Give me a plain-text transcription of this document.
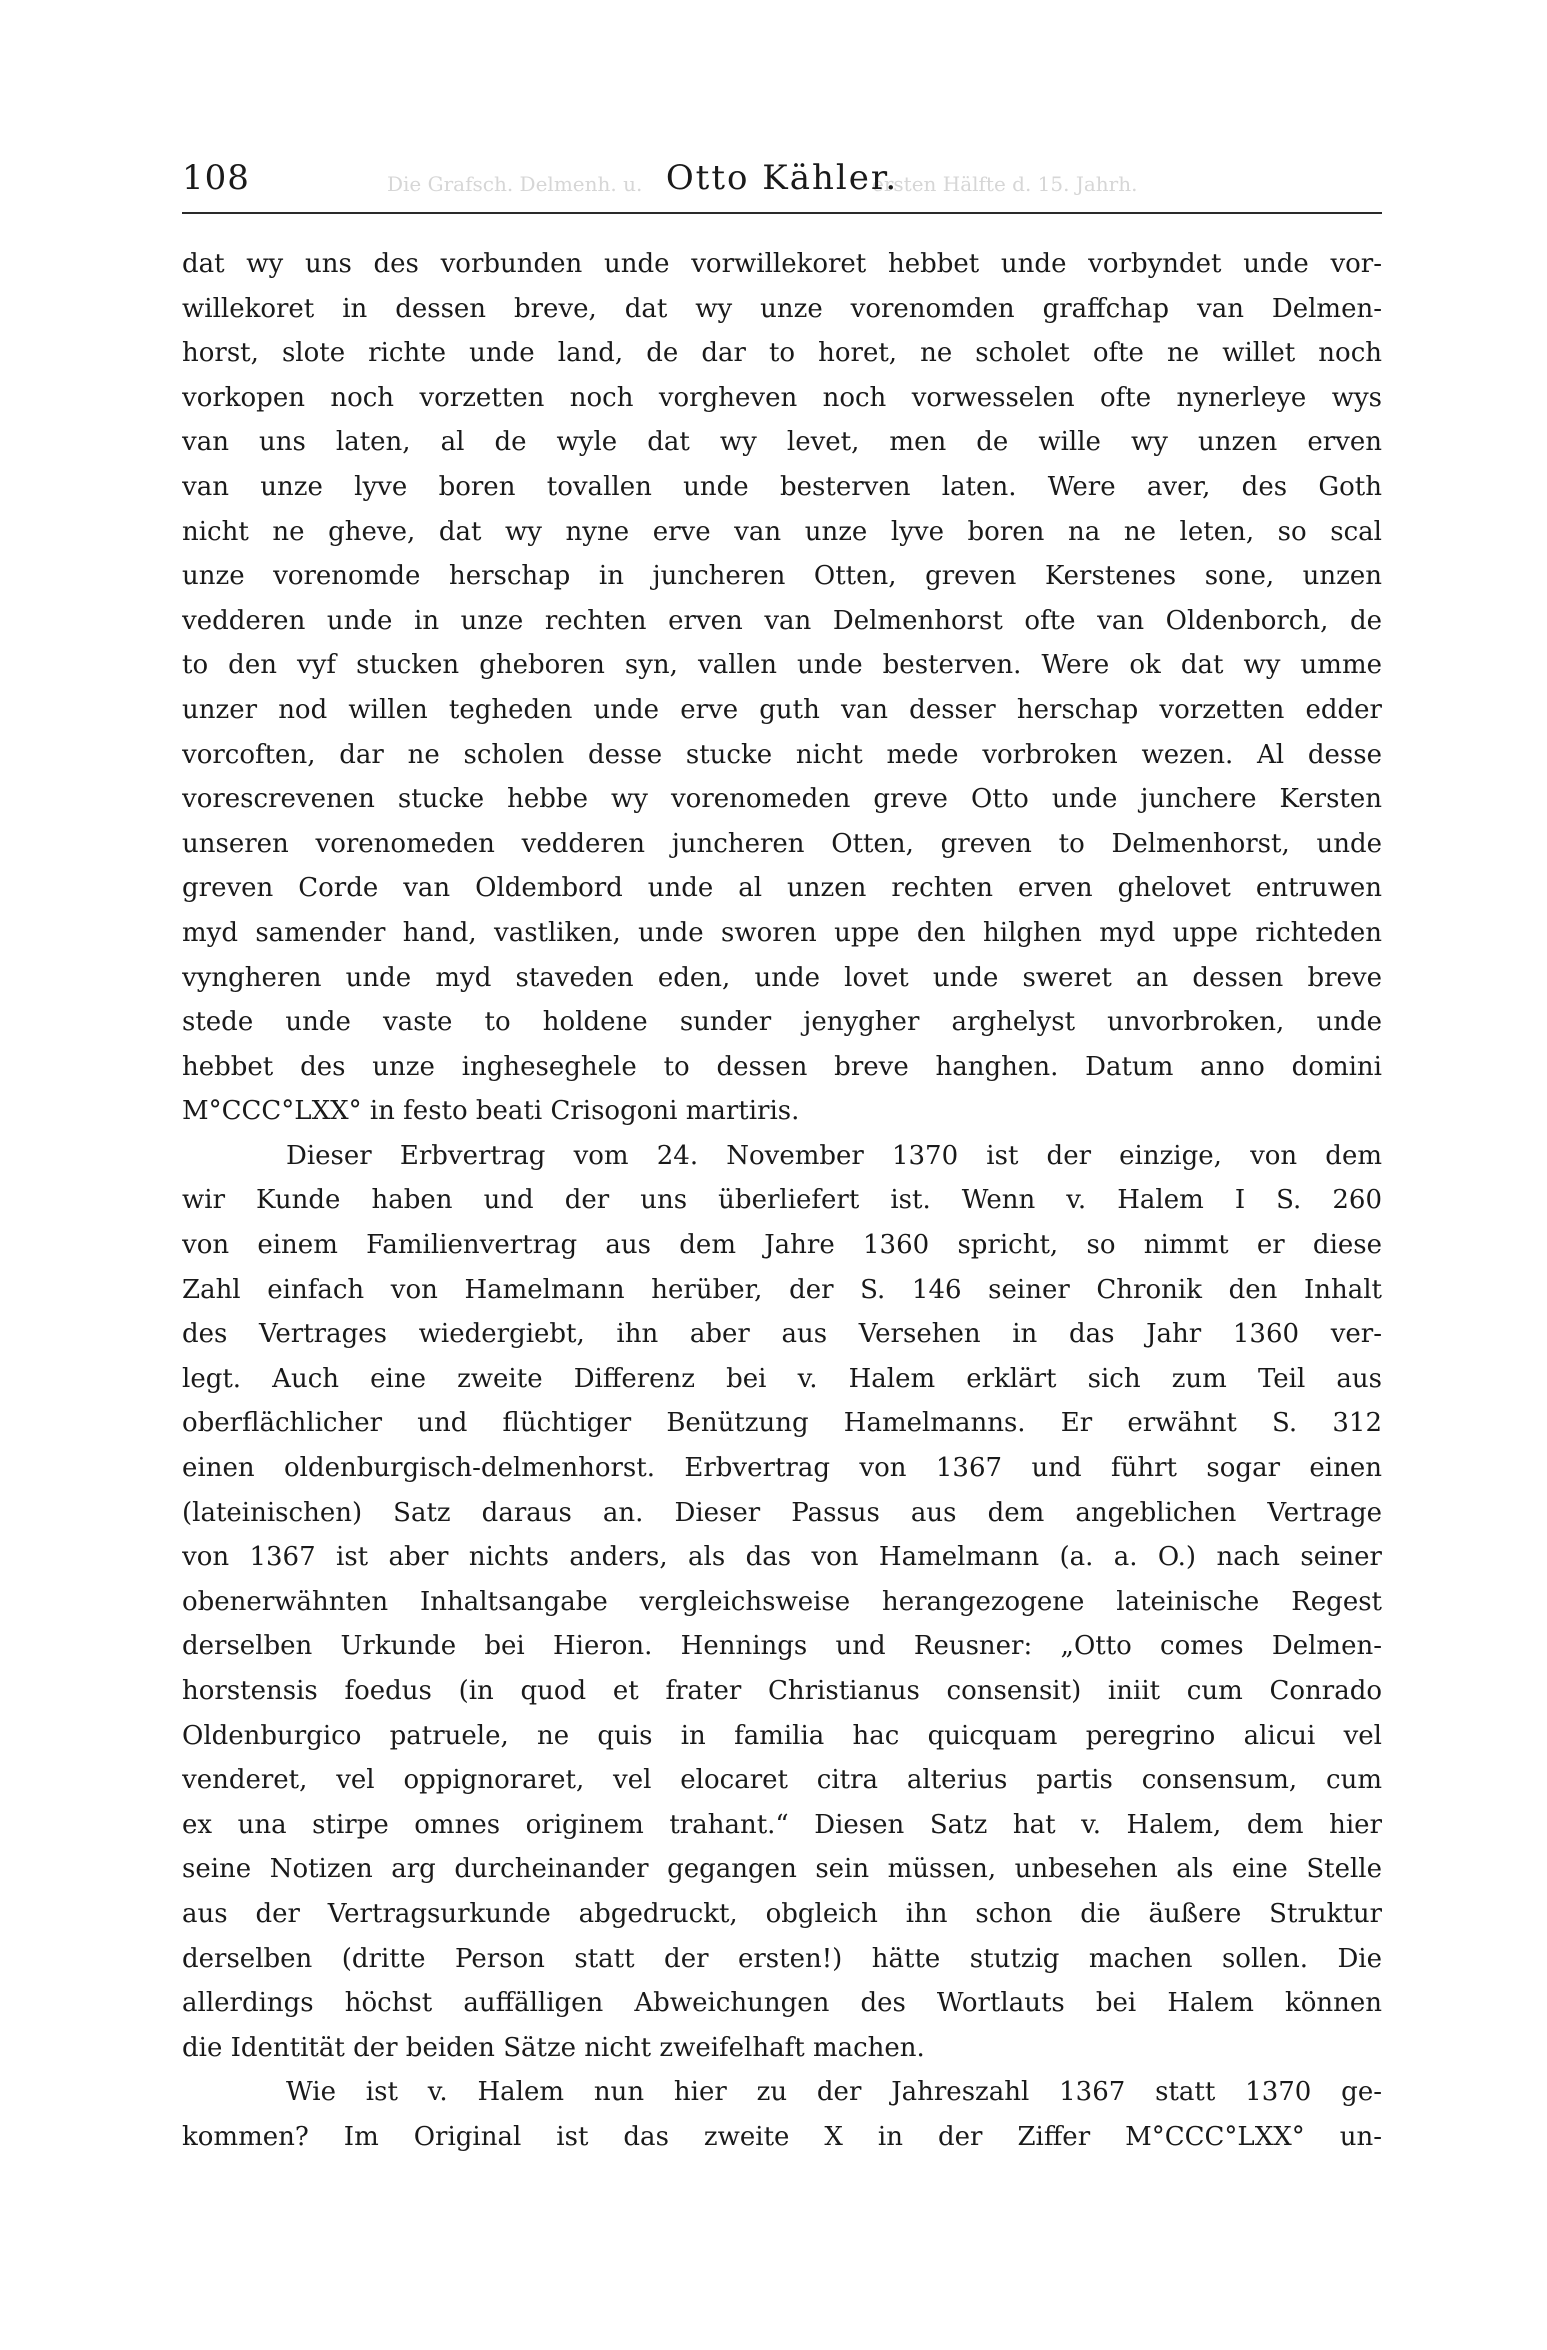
Die Grafsch. Delmenh. u.	ersten Hälfte d. 15. Jahrh.
108	Otto Kähler.
dat wy uns des vorbunden unde vorwillekoret hebbet unde vorbyndet unde vor-
willekoret in dessen breve, dat wy unze vorenomden graffchap van Delmen-
horst, slote richte unde land, de dar to horet, ne scholet ofte ne willet noch
vorkopen noch vorzetten noch vorgheven noch vorwesselen ofte nynerleye wys
van uns laten, al de wyle dat wy levet, men de wille wy unzen erven
van unze lyve boren tovallen unde besterven laten. Were aver, des Goth
nicht ne gheve, dat wy nyne erve van unze lyve boren na ne leten, so scal
unze vorenomde herschap in juncheren Otten, greven Kerstenes sone, unzen
vedderen unde in unze rechten erven van Delmenhorst ofte van Oldenborch, de
to den vyf stucken gheboren syn, vallen unde besterven. Were ok dat wy umme
unzer nod willen tegheden unde erve guth van desser herschap vorzetten edder
vorcoften, dar ne scholen desse stucke nicht mede vorbroken wezen. Al desse
vorescrevenen stucke hebbe wy vorenomeden greve Otto unde junchere Kersten
unseren vorenomeden vedderen juncheren Otten, greven to Delmenhorst, unde
greven Corde van Oldembord unde al unzen rechten erven ghelovet entruwen
myd samender hand, vastliken, unde sworen uppe den hilghen myd uppe richteden
vyngheren unde myd staveden eden, unde lovet unde sweret an dessen breve
stede unde vaste to holdene sunder jenygher arghelyst unvorbroken, unde
hebbet des unze ingheseghele to dessen breve hanghen. Datum anno domini
M°CCC°LXX° in festo beati Crisogoni martiris.
Dieser Erbvertrag vom 24. November 1370 ist der einzige, von dem
wir Kunde haben und der uns überliefert ist. Wenn v. Halem I S. 260
von einem Familienvertrag aus dem Jahre 1360 spricht, so nimmt er diese
Zahl einfach von Hamelmann herüber, der S. 146 seiner Chronik den Inhalt
des Vertrages wiedergiebt, ihn aber aus Versehen in das Jahr 1360 ver-
legt. Auch eine zweite Differenz bei v. Halem erklärt sich zum Teil aus
oberflächlicher und flüchtiger Benützung Hamelmanns. Er erwähnt S. 312
einen oldenburgisch-delmenhorst. Erbvertrag von 1367 und führt sogar einen
(lateinischen) Satz daraus an. Dieser Passus aus dem angeblichen Vertrage
von 1367 ist aber nichts anders, als das von Hamelmann (a. a. O.) nach seiner
obenerwähnten Inhaltsangabe vergleichsweise herangezogene lateinische Regest
derselben Urkunde bei Hieron. Hennings und Reusner: „Otto comes Delmen-
horstensis foedus (in quod et frater Christianus consensit) iniit cum Conrado
Oldenburgico patruele, ne quis in familia hac quicquam peregrino alicui vel
venderet, vel oppignoraret, vel elocaret citra alterius partis consensum, cum
ex una stirpe omnes originem trahant.“ Diesen Satz hat v. Halem, dem hier
seine Notizen arg durcheinander gegangen sein müssen, unbesehen als eine Stelle
aus der Vertragsurkunde abgedruckt, obgleich ihn schon die äußere Struktur
derselben (dritte Person statt der ersten!) hätte stutzig machen sollen. Die
allerdings höchst auffälligen Abweichungen des Wortlauts bei Halem können
die Identität der beiden Sätze nicht zweifelhaft machen.
Wie ist v. Halem nun hier zu der Jahreszahl 1367 statt 1370 ge-
kommen? Im Original ist das zweite X in der Ziffer M°CCC°LXX° un-
